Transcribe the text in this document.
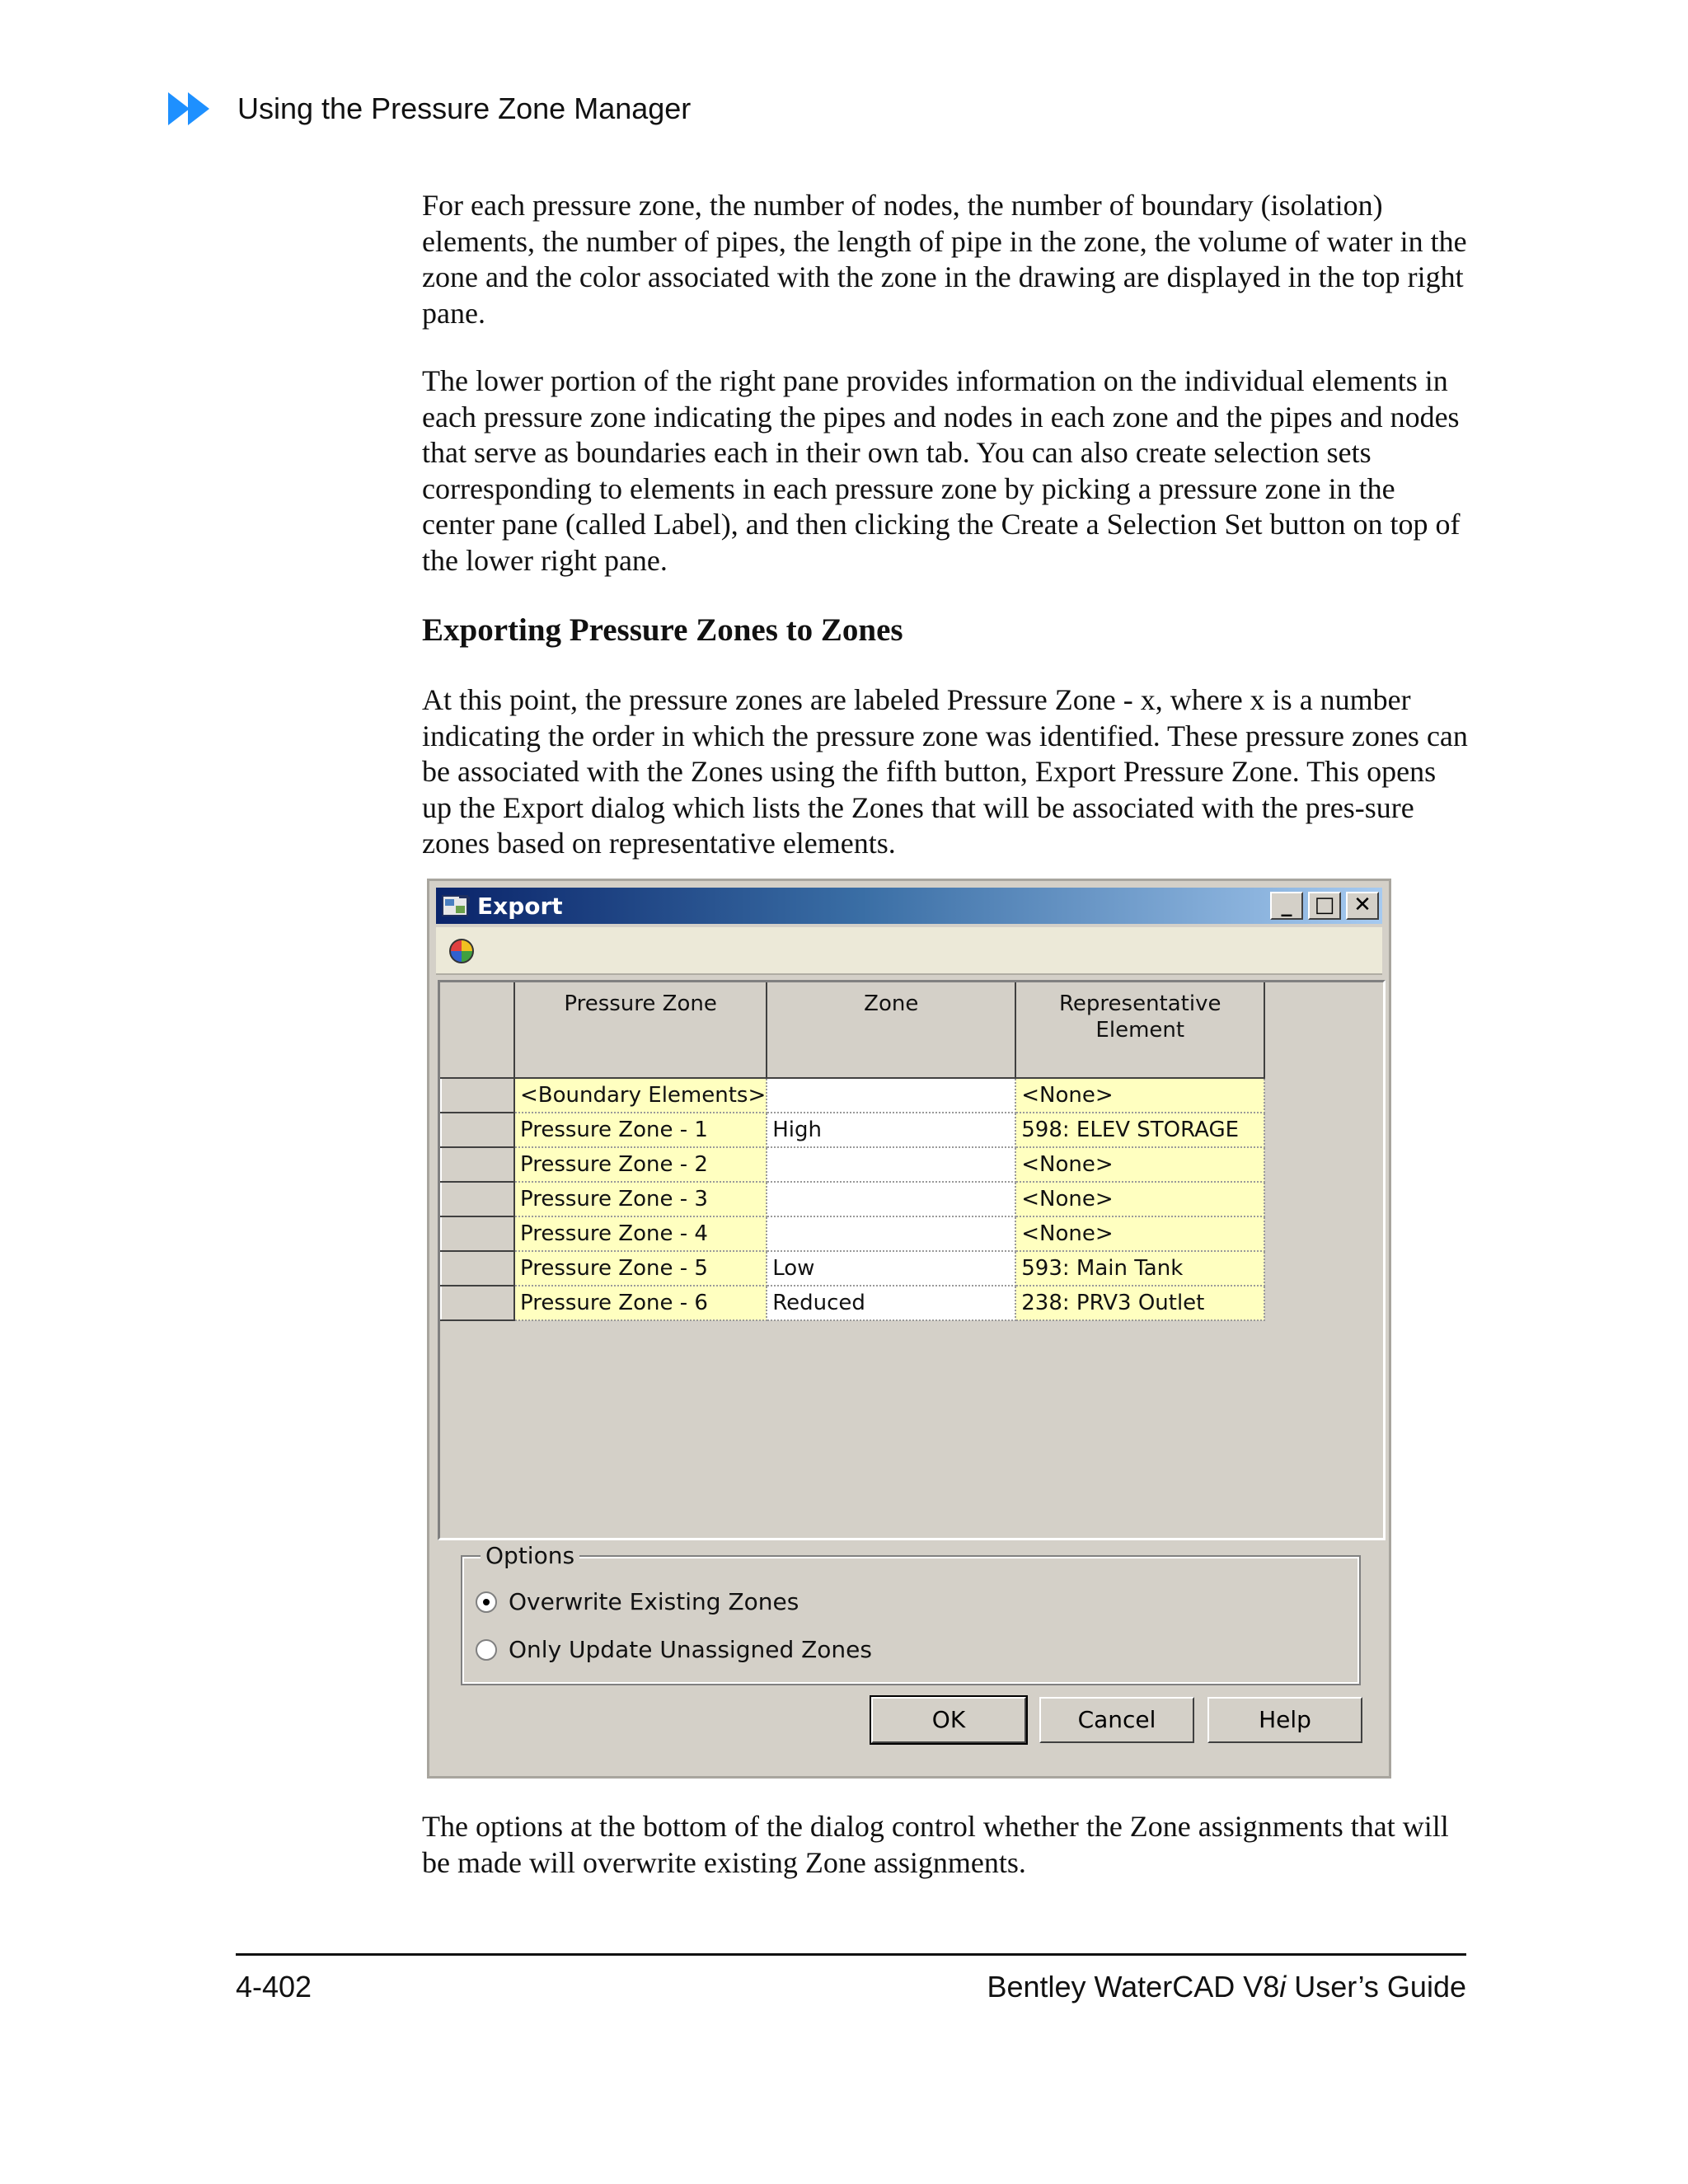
Using the Pressure Zone Manager

For each pressure zone, the number of nodes, the number of boundary (isolation) elements, the number of pipes, the length of pipe in the zone, the volume of water in the zone and the color associated with the zone in the drawing are displayed in the top right pane.

The lower portion of the right pane provides information on the individual elements in each pressure zone indicating the pipes and nodes in each zone and the pipes and nodes that serve as boundaries each in their own tab. You can also create selection sets corresponding to elements in each pressure zone by picking a pressure zone in the center pane (called Label), and then clicking the Create a Selection Set button on top of the lower right pane.

Exporting Pressure Zones to Zones

At this point, the pressure zones are labeled Pressure Zone - x, where x is a number indicating the order in which the pressure zone was identified. These pressure zones can be associated with the Zones using the fifth button, Export Pressure Zone. This opens up the Export dialog which lists the Zones that will be associated with the pres-sure zones based on representative elements.

Export	_	□ ✕
	Pressure Zone	Zone	Representative Element
	<Boundary Elements>		<None>
	Pressure Zone - 1	High	598: ELEV STORAGE
	Pressure Zone - 2		<None>
	Pressure Zone - 3		<None>
	Pressure Zone - 4		<None>
	Pressure Zone - 5	Low	593: Main Tank
	Pressure Zone - 6	Reduced	238: PRV3 Outlet
Options
Overwrite Existing Zones
Only Update Unassigned Zones
OK	Cancel	Help

The options at the bottom of the dialog control whether the Zone assignments that will be made will overwrite existing Zone assignments.

4-402	Bentley WaterCAD V8i User’s Guide
